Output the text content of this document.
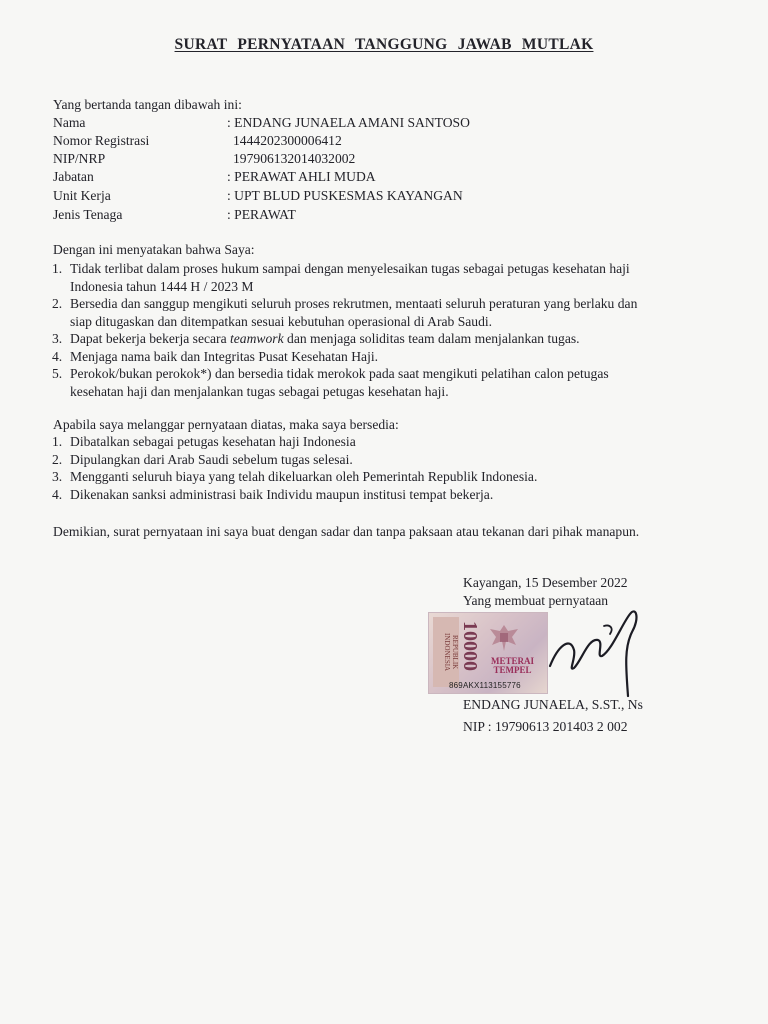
SURAT PERNYATAAN TANGGUNG JAWAB MUTLAK
Yang bertanda tangan dibawah ini:
Nama	: ENDANG JUNAELA AMANI SANTOSO
Nomor Registrasi	1444202300006412
NIP/NRP	197906132014032002
Jabatan	: PERAWAT AHLI MUDA
Unit Kerja	: UPT BLUD PUSKESMAS KAYANGAN
Jenis Tenaga	: PERAWAT
Dengan ini menyatakan bahwa Saya:
1. Tidak terlibat dalam proses hukum sampai dengan menyelesaikan tugas sebagai petugas kesehatan haji
Indonesia tahun 1444 H / 2023 M
2. Bersedia dan sanggup mengikuti seluruh proses rekrutmen, mentaati seluruh peraturan yang berlaku dan
siap ditugaskan dan ditempatkan sesuai kebutuhan operasional di Arab Saudi.
3. Dapat bekerja bekerja secara teamwork dan menjaga soliditas team dalam menjalankan tugas.
4. Menjaga nama baik dan Integritas Pusat Kesehatan Haji.
5. Perokok/bukan perokok*) dan bersedia tidak merokok pada saat mengikuti pelatihan calon petugas
kesehatan haji dan menjalankan tugas sebagai petugas kesehatan haji.
Apabila saya melanggar pernyataan diatas, maka saya bersedia:
1. Dibatalkan sebagai petugas kesehatan haji Indonesia
2. Dipulangkan dari Arab Saudi sebelum tugas selesai.
3. Mengganti seluruh biaya yang telah dikeluarkan oleh Pemerintah Republik Indonesia.
4. Dikenakan sanksi administrasi baik Individu maupun institusi tempat bekerja.
Demikian, surat pernyataan ini saya buat dengan sadar dan tanpa paksaan atau tekanan dari pihak manapun.
Kayangan, 15 Desember 2022
Yang membuat pernyataan
REPUBLIK INDONESIA 10000 METERAI
TEMPEL
869AKX113155776
ENDANG JUNAELA, S.ST., Ns
NIP : 19790613 201403 2 002
